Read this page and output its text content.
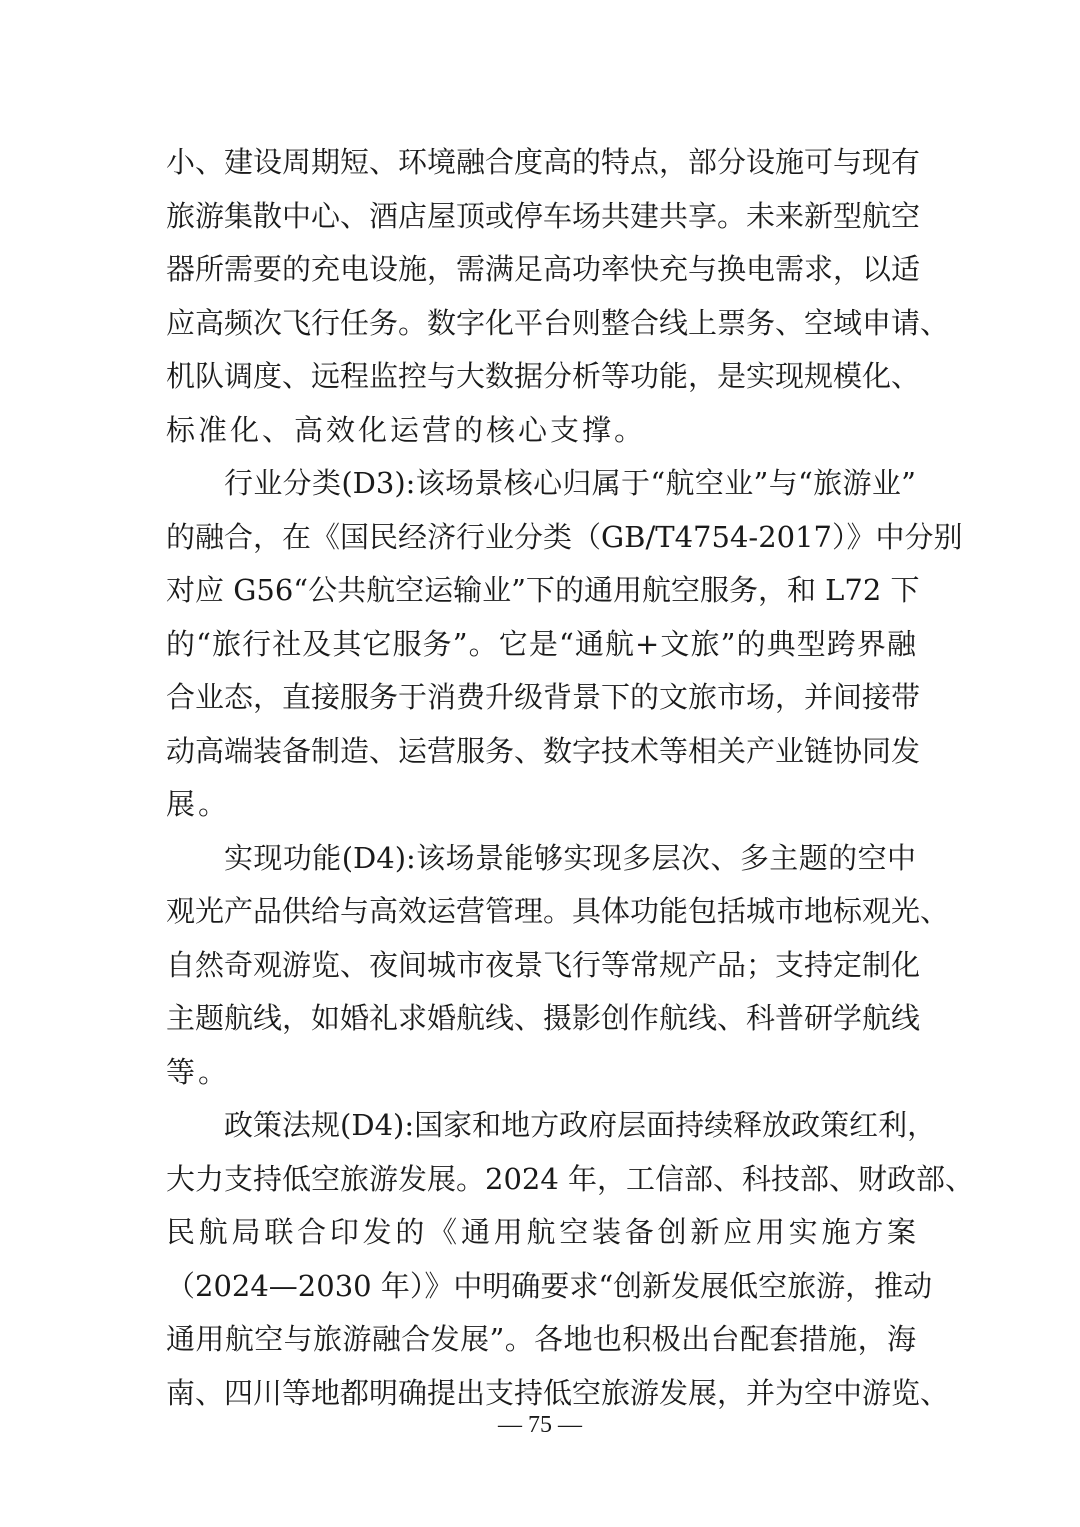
小、建设周期短、环境融合度高的特点，部分设施可与现有
旅游集散中心、酒店屋顶或停车场共建共享。未来新型航空
器所需要的充电设施，需满足高功率快充与换电需求，以适
应高频次飞行任务。数字化平台则整合线上票务、空域申请、
机队调度、远程监控与大数据分析等功能，是实现规模化、
标准化、高效化运营的核心支撑。
行业分类(D3):该场景核心归属于“航空业”与“旅游业”
的融合，在《国民经济行业分类（GB/T4754-2017）》中分别
对应 G56“公共航空运输业”下的通用航空服务，和 L72 下
的“旅行社及其它服务”。它是“通航+文旅”的典型跨界融
合业态，直接服务于消费升级背景下的文旅市场，并间接带
动高端装备制造、运营服务、数字技术等相关产业链协同发
展。
实现功能(D4):该场景能够实现多层次、多主题的空中
观光产品供给与高效运营管理。具体功能包括城市地标观光、
自然奇观游览、夜间城市夜景飞行等常规产品；支持定制化
主题航线，如婚礼求婚航线、摄影创作航线、科普研学航线
等。
政策法规(D4):国家和地方政府层面持续释放政策红利，
大力支持低空旅游发展。2024 年，工信部、科技部、财政部、
民航局联合印发的《通用航空装备创新应用实施方案
（2024—2030 年）》中明确要求“创新发展低空旅游，推动
通用航空与旅游融合发展”。各地也积极出台配套措施，海
南、四川等地都明确提出支持低空旅游发展，并为空中游览、
— 75 —
